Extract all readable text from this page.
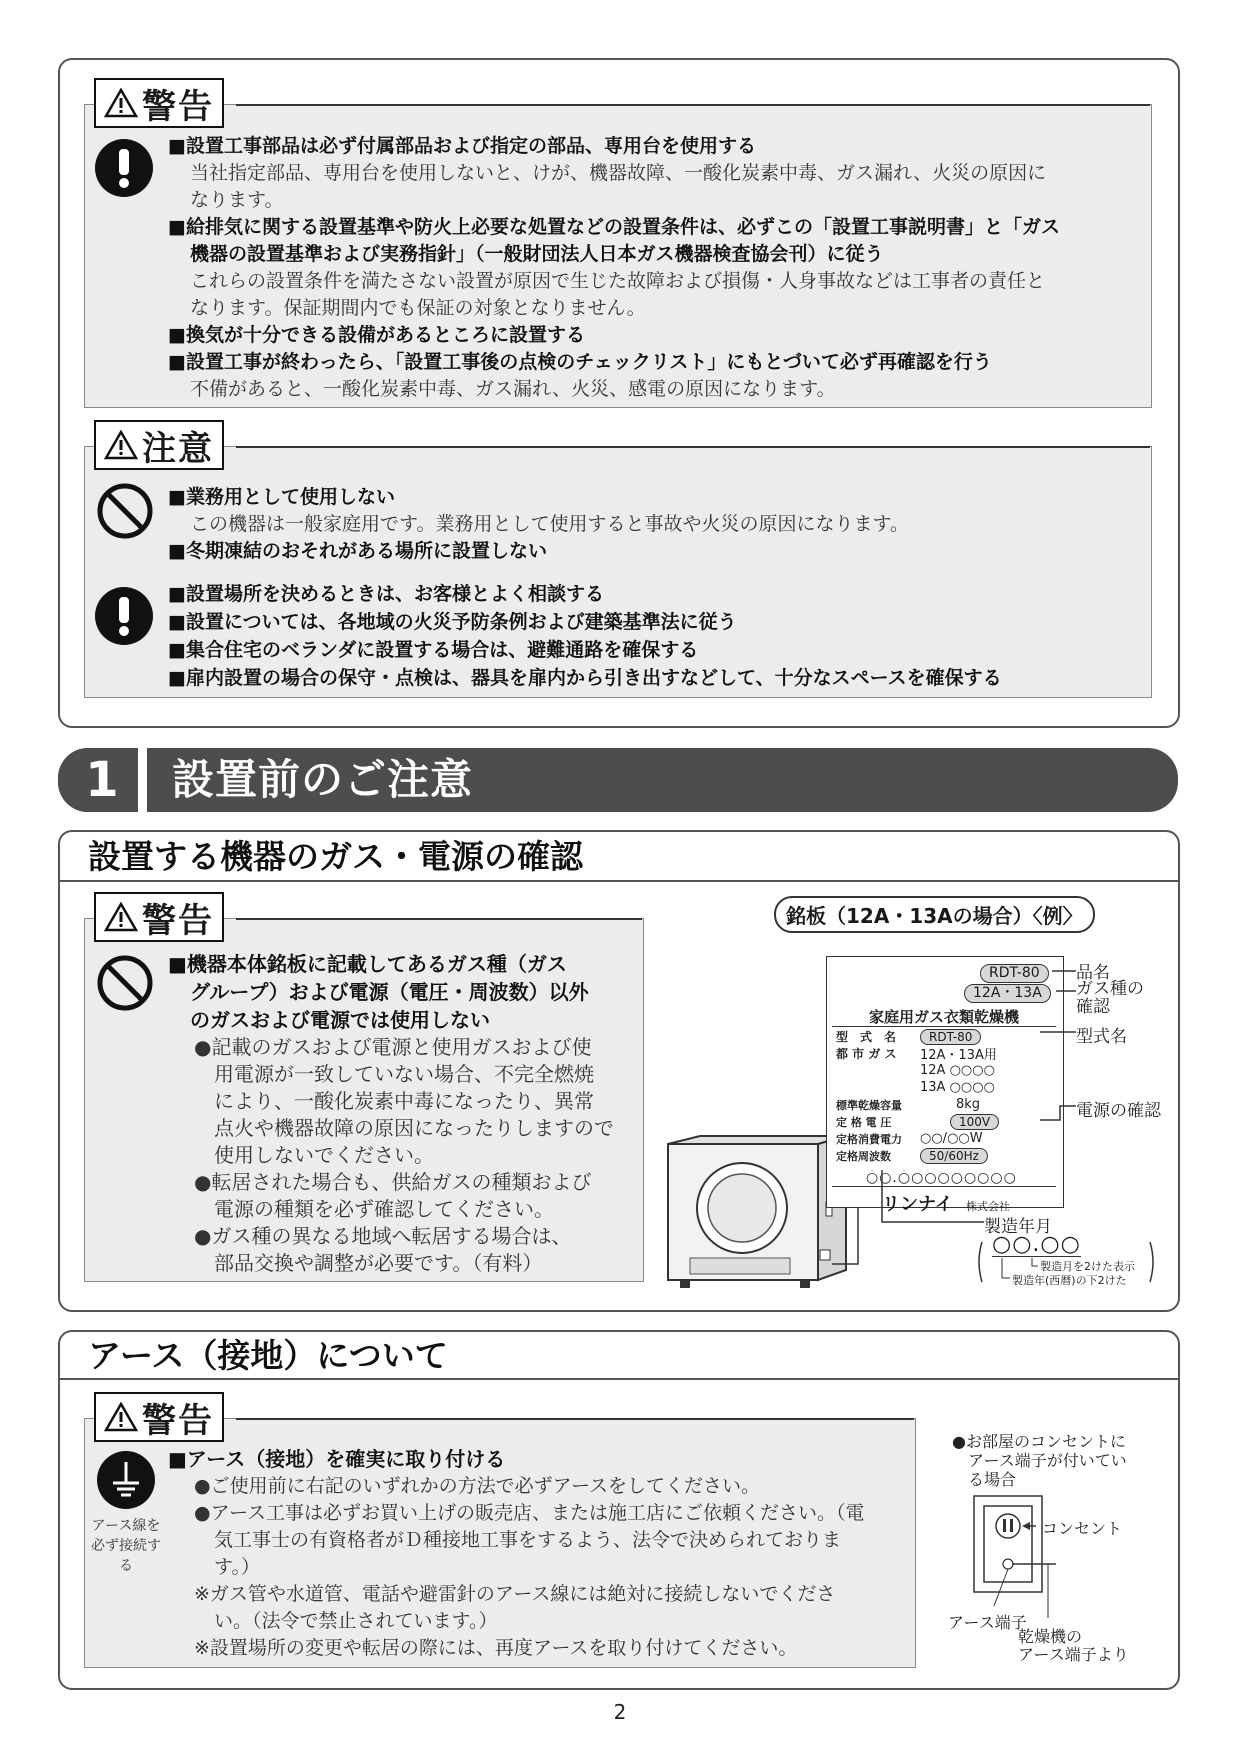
警告
■設置工事部品は必ず付属部品および指定の部品、専用台を使用する
当社指定部品、専用台を使用しないと、けが、機器故障、一酸化炭素中毒、ガス漏れ、火災の原因に
なります。
■給排気に関する設置基準や防火上必要な処置などの設置条件は、必ずこの「設置工事説明書」と「ガス
機器の設置基準および実務指針」（一般財団法人日本ガス機器検査協会刊）に従う
これらの設置条件を満たさない設置が原因で生じた故障および損傷・人身事故などは工事者の責任と
なります。保証期間内でも保証の対象となりません。
■換気が十分できる設備があるところに設置する
■設置工事が終わったら、「設置工事後の点検のチェックリスト」にもとづいて必ず再確認を行う
不備があると、一酸化炭素中毒、ガス漏れ、火災、感電の原因になります。
注意
■業務用として使用しない
この機器は一般家庭用です。業務用として使用すると事故や火災の原因になります。
■冬期凍結のおそれがある場所に設置しない
■設置場所を決めるときは、お客様とよく相談する
■設置については、各地域の火災予防条例および建築基準法に従う
■集合住宅のベランダに設置する場合は、避難通路を確保する
■扉内設置の場合の保守・点検は、器具を扉内から引き出すなどして、十分なスペースを確保する
1	設置前のご注意
設置する機器のガス・電源の確認
警告
■機器本体銘板に記載してあるガス種（ガス
グループ）および電源（電圧・周波数）以外
のガスおよび電源では使用しない
●記載のガスおよび電源と使用ガスおよび使
用電源が一致していない場合、不完全燃焼
により、一酸化炭素中毒になったり、異常
点火や機器故障の原因になったりしますので
使用しないでください。
●転居された場合も、供給ガスの種類および
電源の種類を必ず確認してください。
●ガス種の異なる地域へ転居する場合は、
部品交換や調整が必要です。（有料）
銘板（12A・13Aの場合）〈例〉
RDT-80
12A・13A
家庭用ガス衣類乾燥機
型　式　名	RDT-80
都 市 ガ ス	12A・13A用
12A ○○○○
13A ○○○○
標準乾燥容量	8kg
定 格 電 圧	100V
定格消費電力	○○/○○W
定格周波数	50/60Hz
○○.○○○○○○○○○
リンナイ 株式会社
品名
ガス種の
確認
型式名
電源の確認
製造年月
○○.○○
製造月を2けた表示
製造年(西暦)の下2けた
アース（接地）について
警告
アース線を
必ず接続する
■アース（接地）を確実に取り付ける
●ご使用前に右記のいずれかの方法で必ずアースをしてください。
●アース工事は必ずお買い上げの販売店、または施工店にご依頼ください。（電
気工事士の有資格者がＤ種接地工事をするよう、法令で決められておりま
す。）
※ガス管や水道管、電話や避雷針のアース線には絶対に接続しないでくださ
い。（法令で禁止されています。）
※設置場所の変更や転居の際には、再度アースを取り付けてください。
●お部屋のコンセントに
アース端子が付いてい
る場合
コンセント
アース端子
乾燥機の
アース端子より
2
